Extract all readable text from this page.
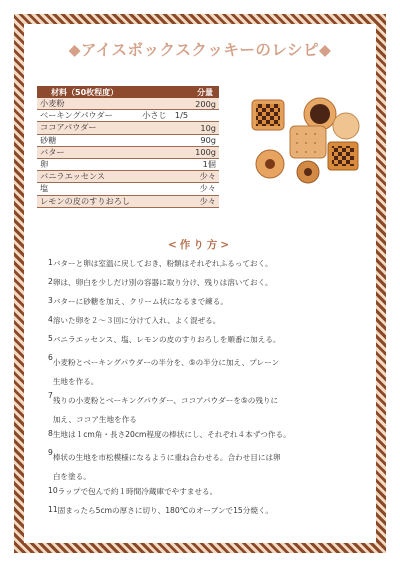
◆アイスボックスクッキーのレシピ◆
材料（50枚程度）		分量
小麦粉		200g
ベーキングパウダー	小さじ　1/5	
ココアパウダー		10g
砂糖		90g
バター		100g
卵		1個
バニラエッセンス		少々
塩		少々
レモンの皮のすりおろし		少々
<作り方>
1 バターと卵は室温に戻しておき、粉類はそれぞれふるっておく。
2 卵は、卵白を少しだけ別の容器に取り分け、残りは溶いておく。
3 バターに砂糖を加え、クリーム状になるまで練る。
4 溶いた卵を２〜３回に分けて入れ、よく混ぜる。
5 バニラエッセンス、塩、レモンの皮のすりおろしを順番に加える。
6
小麦粉とベーキングパウダーの半分を、⑤の半分に加え、プレーン
生地を作る。
7
残りの小麦粉とベーキングパウダー、ココアパウダーを⑤の残りに
加え、ココア生地を作る
8 生地は１cm角・長さ20cm程度の棒状にし、それぞれ４本ずつ作る。
9
棒状の生地を市松模様になるように重ね合わせる。合わせ目には卵
白を塗る。
10 ラップで包んで約１時間冷蔵庫でやすませる。
11 固まったら5cmの厚さに切り、180℃のオーブンで15分焼く。
